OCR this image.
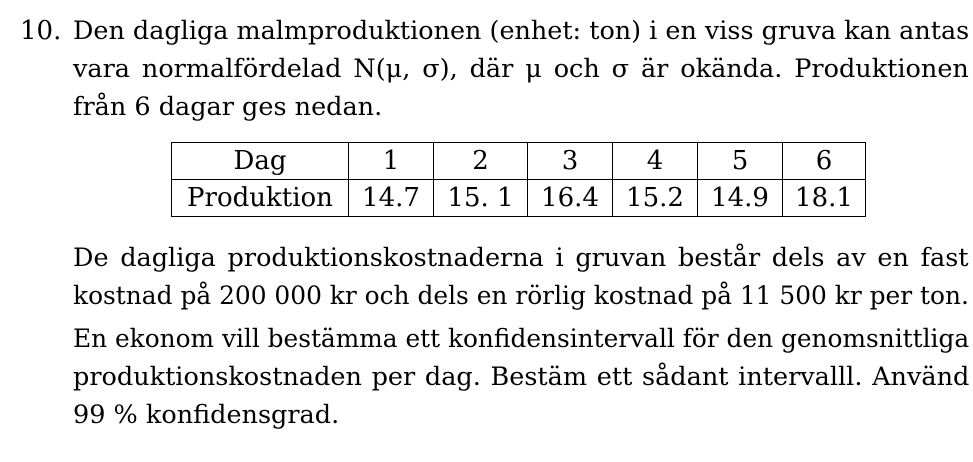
10. Den dagliga malmproduktionen (enhet: ton) i en viss gruva kan antas
vara normalfördelad N(μ, σ), där μ och σ är okända. Produktionen
från 6 dagar ges nedan.
Dag	1	2	3	4	5	6
Produktion	14.7	15. 1	16.4	15.2	14.9	18.1
De dagliga produktionskostnaderna i gruvan består dels av en fast
kostnad på 200 000 kr och dels en rörlig kostnad på 11 500 kr per ton.
En ekonom vill bestämma ett konfidensintervall för den genomsnittliga
produktionskostnaden per dag. Bestäm ett sådant intervalll. Använd
99 % konfidensgrad.
